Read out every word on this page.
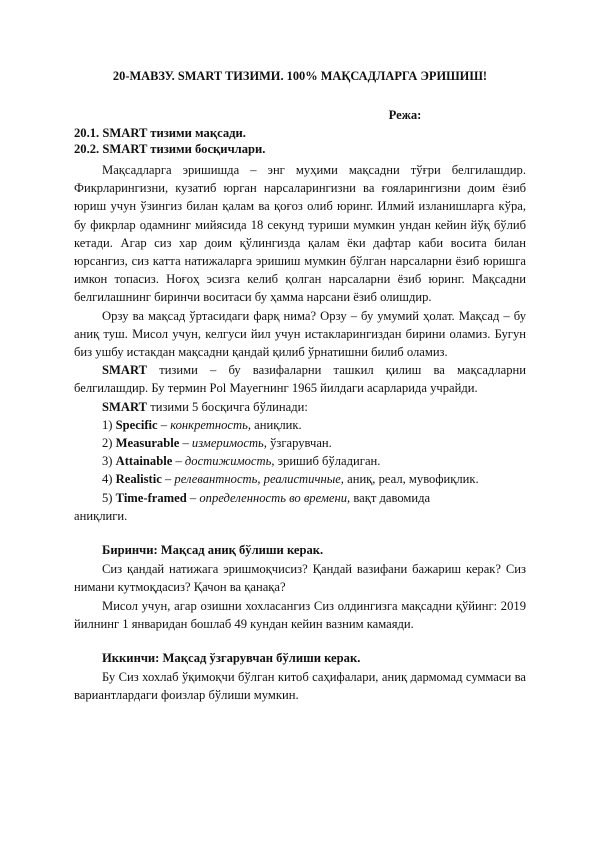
20-МАВЗУ. SMART ТИЗИМИ. 100% МАҚСАДЛАРГА ЭРИШИШ!
Режа:

20.1. SMART тизими мақсади.

20.2. SMART тизими босқичлари.

Мақсадларга эришишда – энг муҳими мақсадни тўғри белгилашдир. Фикрларингизни, кузатиб юрган нарсаларингизни ва ғояларингизни доим ёзиб юриш учун ўзингиз билан қалам ва қоғоз олиб юринг. Илмий изланишларга кўра, бу фикрлар одамнинг мийясида 18 секунд туриши мумкин ундан кейин йўқ бўлиб кетади. Агар сиз хар доим қўлингизда қалам ёки дафтар каби восита билан юрсангиз, сиз катта натижаларга эришиш мумкин бўлган нарсаларни ёзиб юришга имкон топасиз. Ноғоҳ эсизга келиб қолган нарсаларни ёзиб юринг. Мақсадни белгилашнинг биринчи воситаси бу ҳамма нарсани ёзиб олишдир.

Орзу ва мақсад ўртасидаги фарқ нима? Орзу – бу умумий ҳолат. Мақсад – бу аниқ туш. Мисол учун, келгуси йил учун истакларингиздан бирини оламиз. Бугун биз ушбу истакдан мақсадни қандай қилиб ўрнатишни билиб оламиз.

SMART тизими – бу вазифаларни ташкил қилиш ва мақсадларни белгилашдир. Бу термин Pol Mayeгнинг 1965 йилдаги асарларида учрайди.

SMART тизими 5 босқичга бўлинади:

1) Specific – конкретность, аниқлик.

2) Measurable – измеримость, ўзгарувчан.

3) Attainable – достижимость, эришиб бўладиган.

4) Realistic – релевантность, реалистичные, аниқ, реал, мувофиқлик.

5) Time-framed – определенность во времени, вақт давомида

аниқлиги.

Биринчи: Мақсад аниқ бўлиши керак.

Сиз қандай натижага эришмоқчисиз? Қандай вазифани бажариш керак? Сиз нимани кутмоқдасиз? Қачон ва қанақа?

Мисол учун, агар озишни хохласангиз Сиз олдингизга мақсадни қўйинг: 2019 йилнинг 1 январидан бошлаб 49 кундан кейин вазним камаяди.

Иккинчи: Мақсад ўзгарувчан бўлиши керак.

Бу Сиз хохлаб ўқимоқчи бўлган китоб саҳифалари, аниқ дармомад суммаси ва вариантлардаги фоизлар бўлиши мумкин.
